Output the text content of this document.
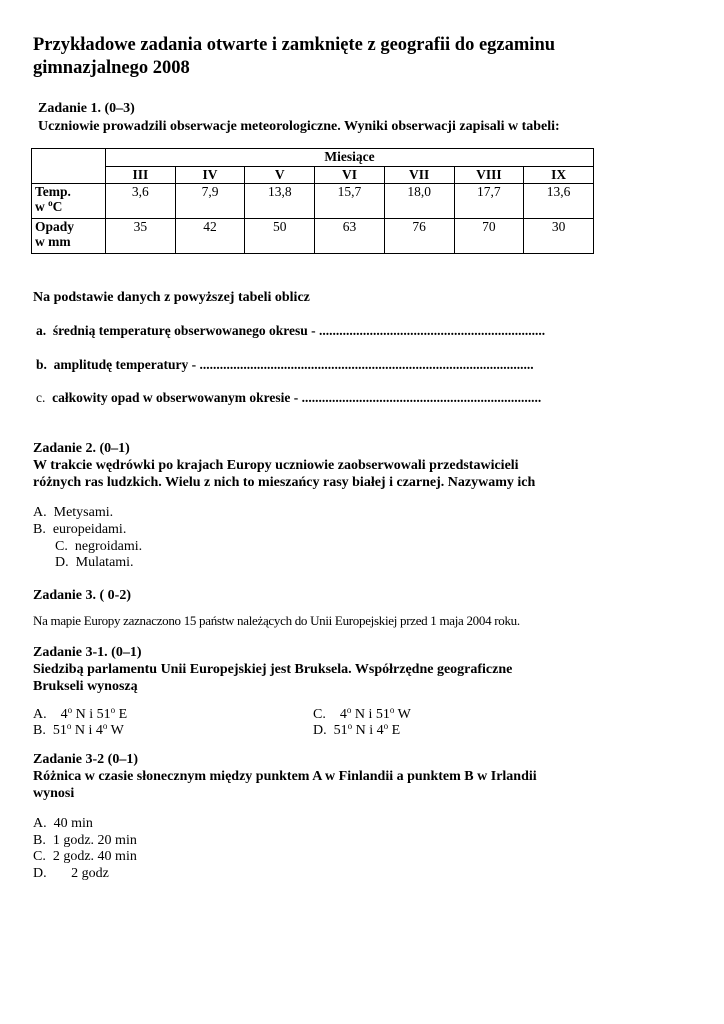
Przykładowe zadania otwarte i zamknięte z geografii do egzaminu
gimnazjalnego 2008
Zadanie 1. (0–3)
Uczniowie prowadzili obserwacje meteorologiczne. Wyniki obserwacji zapisali w tabeli:
	Miesiące						
	III	IV	V	VI	VII	VIII	IX

Temp.
w $^o$C	3,6	7,9	13,8	15,7	18,0	17,7	13,6

Opady
w mm	35	42	50	63	76	70	30
Na podstawie danych z powyższej tabeli oblicz
a. średnią temperaturę obserwowanego okresu - ...................................................................
b. amplitudę temperatury - ...................................................................................................
c. całkowity opad w obserwowanym okresie - .......................................................................
Zadanie 2. (0–1)
W trakcie wędrówki po krajach Europy uczniowie zaobserwowali przedstawicieli
różnych ras ludzkich. Wielu z nich to mieszańcy rasy białej i czarnej. Nazywamy ich
A. Metysami.
B. europeidami.
C. negroidami.
D. Mulatami.
Zadanie 3. ( 0-2)
Na mapie Europy zaznaczono 15 państw należących do Unii Europejskiej przed 1 maja 2004 roku.
Zadanie 3-1. (0–1)
Siedzibą parlamentu Unii Europejskiej jest Bruksela. Współrzędne geograficzne
Brukseli wynoszą
A. 4$^o$ N i 51$^o$ E
B. 51$^o$ N i 4$^o$ W
C. 4$^o$ N i 51$^o$ W
D. 51$^o$ N i 4$^o$ E
Zadanie 3-2 (0–1)
Różnica w czasie słonecznym między punktem A w Finlandii a punktem B w Irlandii
wynosi
A. 40 min
B. 1 godz. 20 min
C. 2 godz. 40 min
D. 2 godz
